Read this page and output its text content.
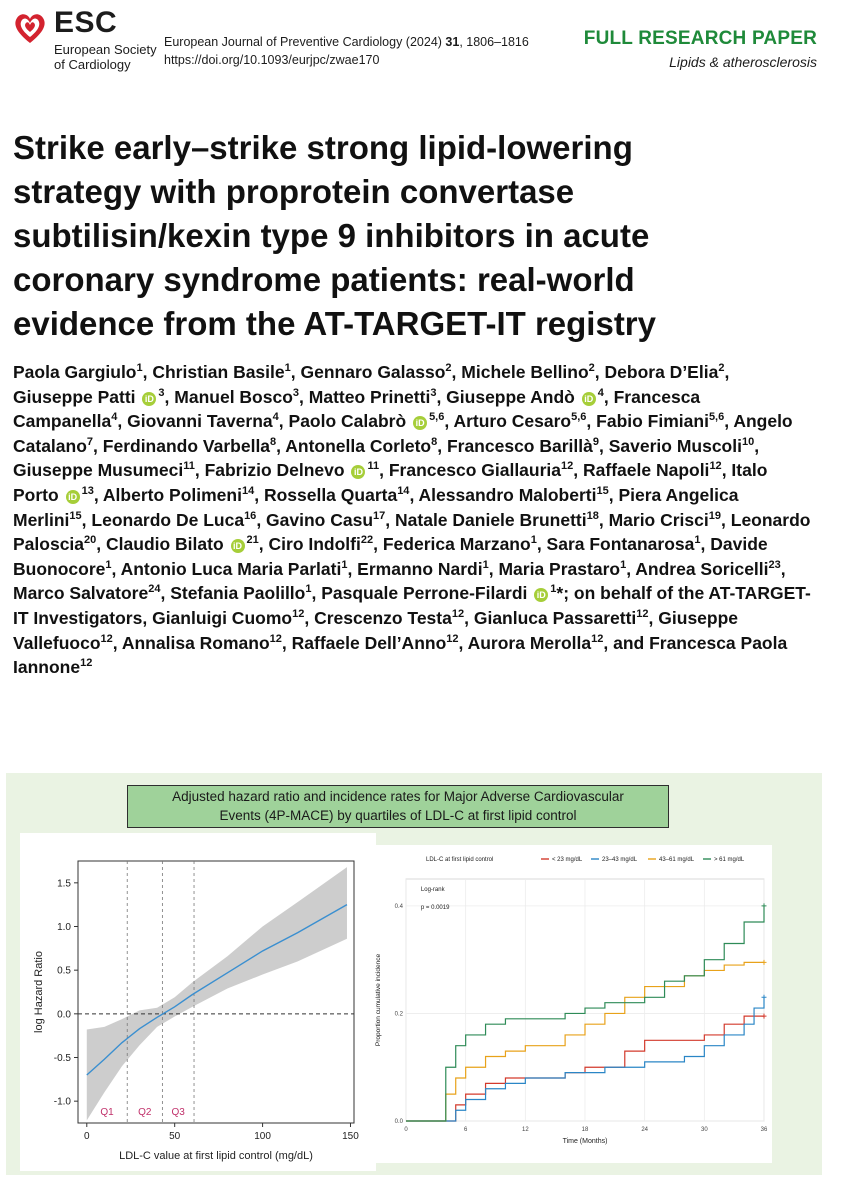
ESC
European Society
of Cardiology
European Journal of Preventive Cardiology (2024) 31, 1806–1816
https://doi.org/10.1093/eurjpc/zwae170
FULL RESEARCH PAPER
Lipids & atherosclerosis
Strike early–strike strong lipid-lowering
strategy with proprotein convertase
subtilisin/kexin type 9 inhibitors in acute
coronary syndrome patients: real-world
evidence from the AT-TARGET-IT registry
Paola Gargiulo$^1$, Christian Basile$^1$, Gennaro Galasso$^2$, Michele Bellino$^2$, Debora D’Elia$^2$, Giuseppe Patti iD $^3$, Manuel Bosco$^3$, Matteo Prinetti$^3$, Giuseppe Andò iD $^4$, Francesca Campanella$^4$, Giovanni Taverna$^4$, Paolo Calabrò iD $^{5,6}$, Arturo Cesaro$^{5,6}$, Fabio Fimiani$^{5,6}$, Angelo Catalano$^7$, Ferdinando Varbella$^8$, Antonella Corleto$^8$, Francesco Barillà$^9$, Saverio Muscoli$^{10}$, Giuseppe Musumeci$^{11}$, Fabrizio Delnevo iD $^{11}$, Francesco Giallauria$^{12}$, Raffaele Napoli$^{12}$, Italo Porto iD $^{13}$, Alberto Polimeni$^{14}$, Rossella Quarta$^{14}$, Alessandro Maloberti$^{15}$, Piera Angelica Merlini$^{15}$, Leonardo De Luca$^{16}$, Gavino Casu$^{17}$, Natale Daniele Brunetti$^{18}$, Mario Crisci$^{19}$, Leonardo Paloscia$^{20}$, Claudio Bilato iD $^{21}$, Ciro Indolfi$^{22}$, Federica Marzano$^1$, Sara Fontanarosa$^1$, Davide Buonocore$^1$, Antonio Luca Maria Parlati$^1$, Ermanno Nardi$^1$, Maria Prastaro$^1$, Andrea Soricelli$^{23}$, Marco Salvatore$^{24}$, Stefania Paolillo$^1$, Pasquale Perrone-Filardi iD $^1$*; on behalf of the AT-TARGET-IT Investigators, Gianluigi Cuomo$^{12}$, Crescenzo Testa$^{12}$, Gianluca Passaretti$^{12}$, Giuseppe Vallefuoco$^{12}$, Annalisa Romano$^{12}$, Raffaele Dell’Anno$^{12}$, Aurora Merolla$^{12}$, and Francesca Paola Iannone$^{12}$
Adjusted hazard ratio and incidence rates for Major Adverse Cardiovascular
Events (4P-MACE) by quartiles of LDL-C at first lipid control
Q1 Q2 Q3
-1.0
-0.5
0.0
0.5
1.0
1.5
0	50	100	150
LDL-C value at first lipid control (mg/dL)
log Hazard Ratio
0	6	12	18	24	30	36
0.0
0.2
0.4
LDL-C at first lipid control	< 23 mg/dL	23–43 mg/dL	43–61 mg/dL	> 61 mg/dL
Log-rank
p = 0.0019
Time (Months)
Proportion cumulative incidence
